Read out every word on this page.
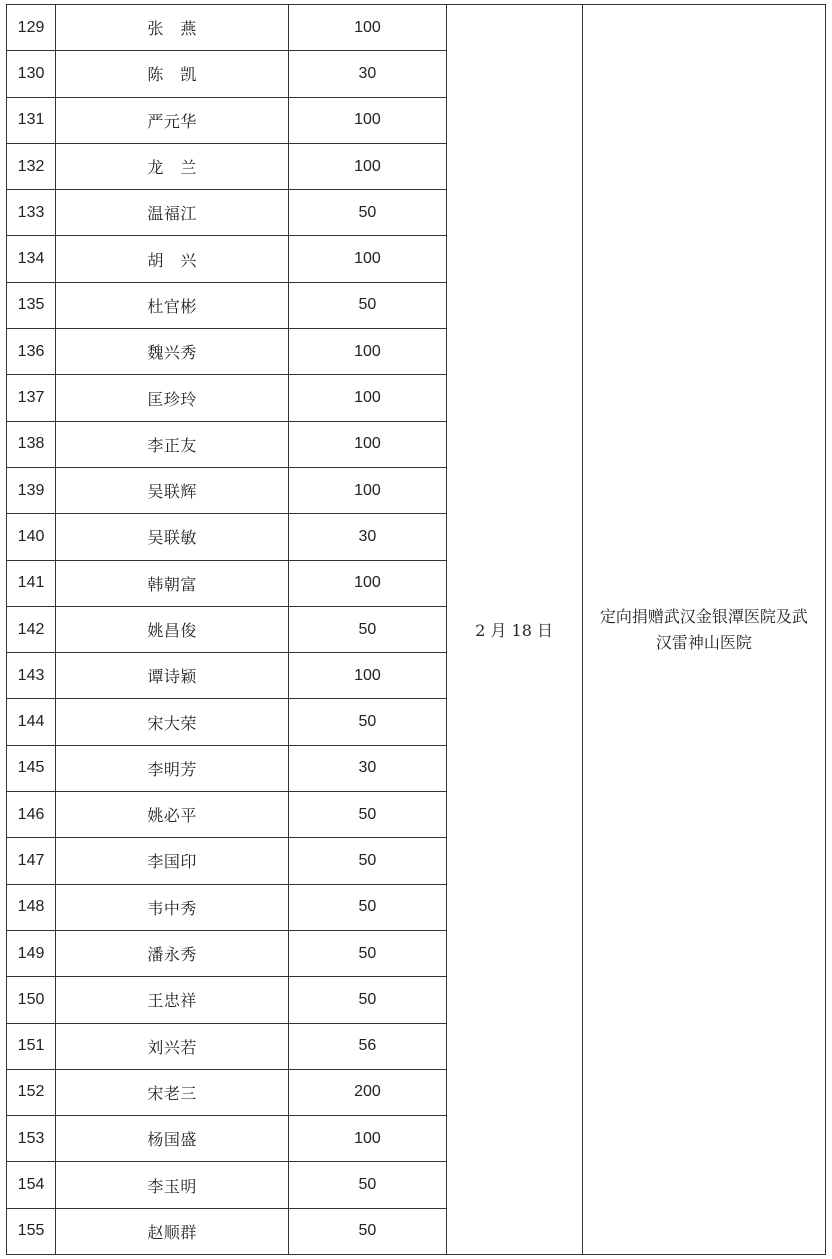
129	张　燕	100	2 月 18 日	定向捐赠武汉金银潭医院及武
汉雷神山医院

130	陈　凯	30		
131	严元华	100		
132	龙　兰	100		
133	温福江	50		
134	胡　兴	100		
135	杜官彬	50		
136	魏兴秀	100		
137	匡珍玲	100		
138	李正友	100		
139	吴联辉	100		
140	吴联敏	30		
141	韩朝富	100		
142	姚昌俊	50		
143	谭诗颖	100		
144	宋大荣	50		
145	李明芳	30		
146	姚必平	50		
147	李国印	50		
148	韦中秀	50		
149	潘永秀	50		
150	王忠祥	50		
151	刘兴若	56		
152	宋老三	200		
153	杨国盛	100		
154	李玉明	50		
155	赵顺群	50		
